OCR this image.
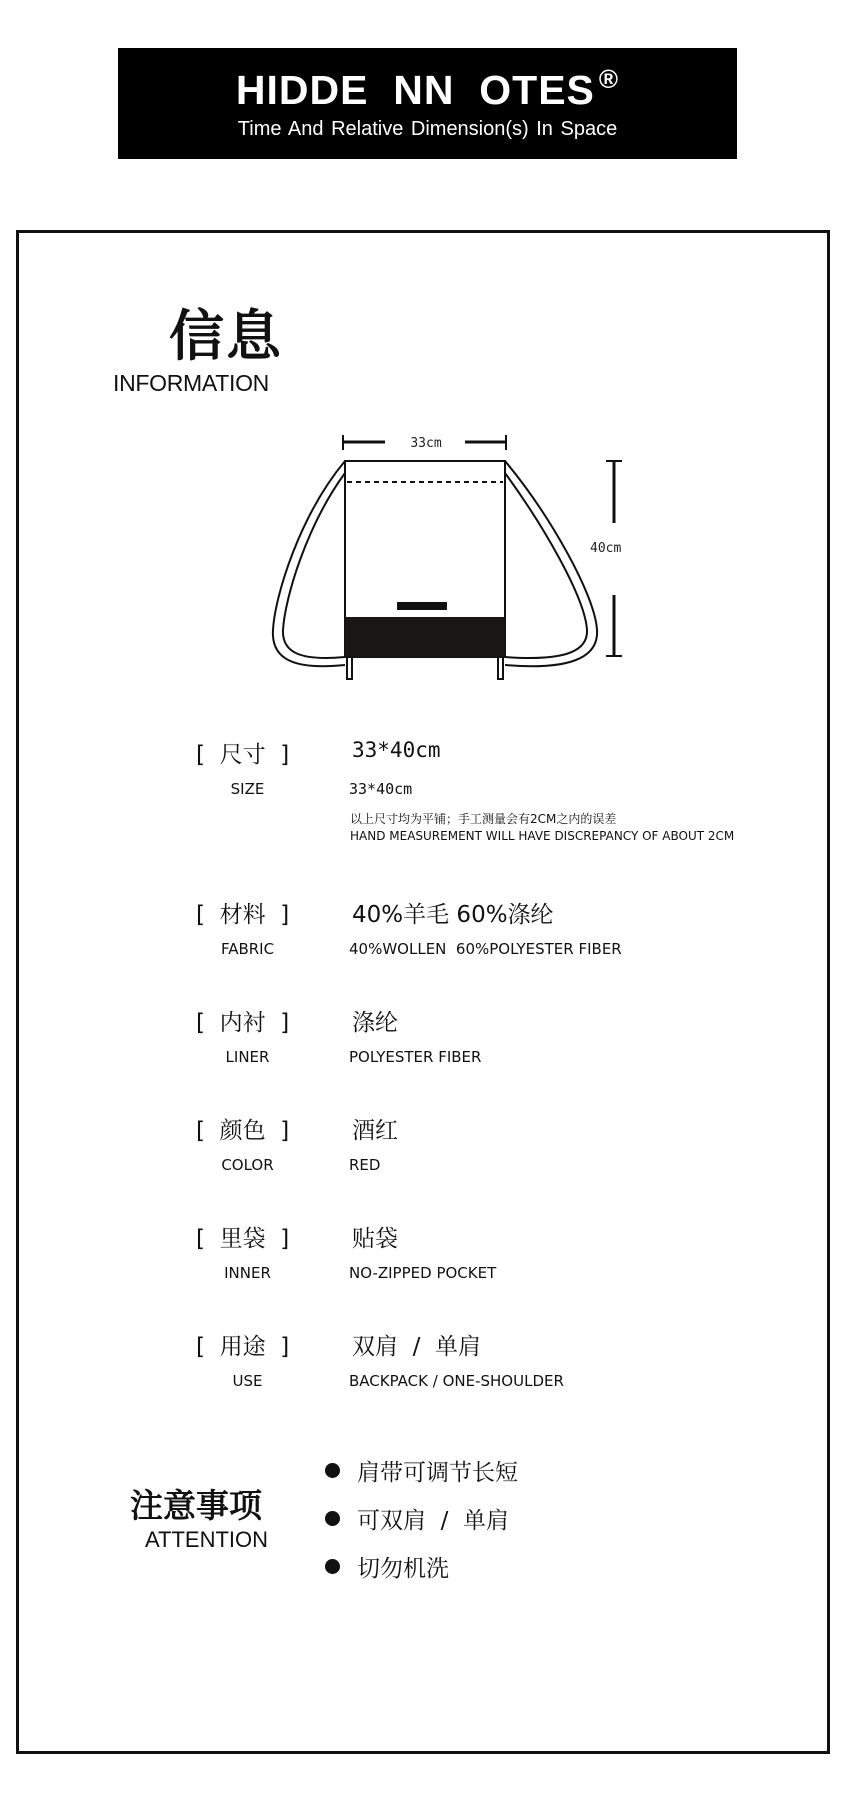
HIDDE  NN  OTES ®
Time And Relative Dimension(s) In Space
信息
INFORMATION
33cm
40cm
[  尺寸  ]
SIZE
33*40cm
33*40cm
以上尺寸均为平铺；手工测量会有2CM之内的误差
HAND MEASUREMENT WILL HAVE DISCREPANCY OF ABOUT 2CM
[  材料  ]
FABRIC
40%羊毛 60%涤纶
40%WOLLEN  60%POLYESTER FIBER
[  内衬  ]
LINER
涤纶
POLYESTER FIBER
[  颜色  ]
COLOR
酒红
RED
[  里袋  ]
INNER
贴袋
NO-ZIPPED POCKET
[  用途  ]
USE
双肩  /  单肩
BACKPACK / ONE-SHOULDER
注意事项
ATTENTION

肩带可调节长短

可双肩  /  单肩

切勿机洗
